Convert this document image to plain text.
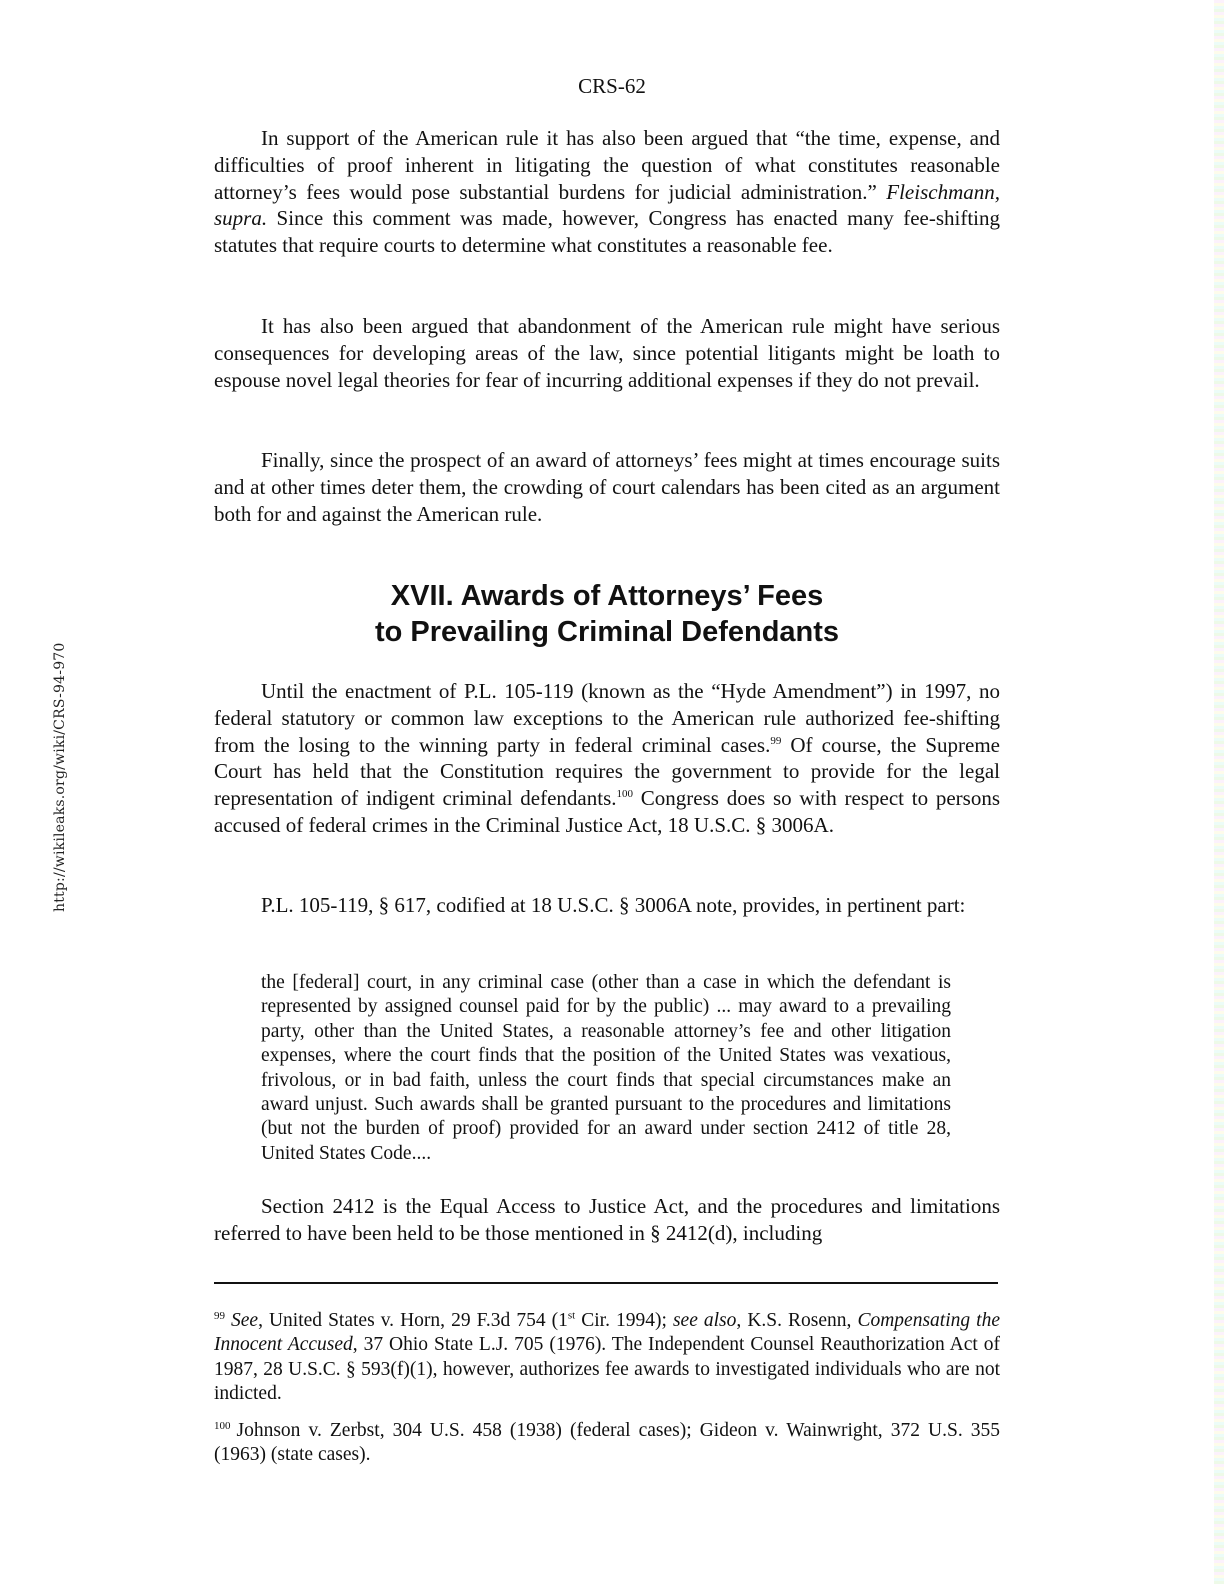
http://wikileaks.org/wiki/CRS-94-970
CRS-62

In support of the American rule it has also been argued that “the time, expense, and difficulties of proof inherent in litigating the question of what constitutes reasonable attorney’s fees would pose substantial burdens for judicial administration.” Fleischmann, supra. Since this comment was made, however, Congress has enacted many fee-shifting statutes that require courts to determine what constitutes a reasonable fee.

It has also been argued that abandonment of the American rule might have serious consequences for developing areas of the law, since potential litigants might be loath to espouse novel legal theories for fear of incurring additional expenses if they do not prevail.

Finally, since the prospect of an award of attorneys’ fees might at times encourage suits and at other times deter them, the crowding of court calendars has been cited as an argument both for and against the American rule.

XVII. Awards of Attorneys’ Fees
to Prevailing Criminal Defendants

Until the enactment of P.L. 105-119 (known as the “Hyde Amendment”) in 1997, no federal statutory or common law exceptions to the American rule authorized fee-shifting from the losing to the winning party in federal criminal cases.$^{99}$ Of course, the Supreme Court has held that the Constitution requires the government to provide for the legal representation of indigent criminal defendants.$^{100}$ Congress does so with respect to persons accused of federal crimes in the Criminal Justice Act, 18 U.S.C. § 3006A.

P.L. 105-119, § 617, codified at 18 U.S.C. § 3006A note, provides, in pertinent part:

the [federal] court, in any criminal case (other than a case in which the defendant is represented by assigned counsel paid for by the public) ... may award to a prevailing party, other than the United States, a reasonable attorney’s fee and other litigation expenses, where the court finds that the position of the United States was vexatious, frivolous, or in bad faith, unless the court finds that special circumstances make an award unjust. Such awards shall be granted pursuant to the procedures and limitations (but not the burden of proof) provided for an award under section 2412 of title 28, United States Code....

Section 2412 is the Equal Access to Justice Act, and the procedures and limitations referred to have been held to be those mentioned in § 2412(d), including

$^{99}$ See, United States v. Horn, 29 F.3d 754 (1st Cir. 1994); see also, K.S. Rosenn, Compensating the Innocent Accused, 37 Ohio State L.J. 705 (1976). The Independent Counsel Reauthorization Act of 1987, 28 U.S.C. § 593(f)(1), however, authorizes fee awards to investigated individuals who are not indicted.

$^{100}$ Johnson v. Zerbst, 304 U.S. 458 (1938) (federal cases); Gideon v. Wainwright, 372 U.S. 355 (1963) (state cases).
